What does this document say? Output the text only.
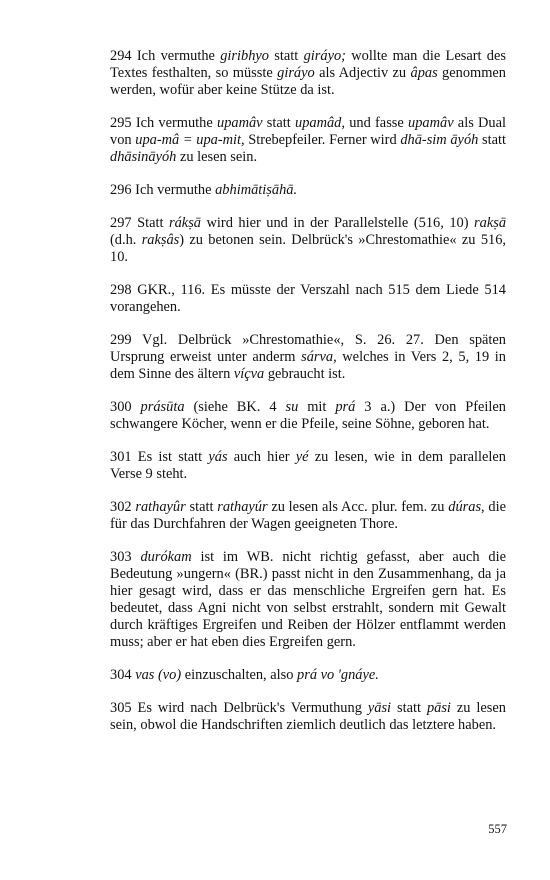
294 Ich vermuthe giribhyo statt giráyo; wollte man die Lesart des Textes festhalten, so müsste giráyo als Adjectiv zu âpas genommen werden, wofür aber keine Stütze da ist.

295 Ich vermuthe upamâv statt upamâd, und fasse upamâv als Dual von upa-mâ = upa-mit, Strebepfeiler. Ferner wird dhā-sim āyóh statt dhāsināyóh zu lesen sein.

296 Ich vermuthe abhimātiṣāhā.

297 Statt rákṣā wird hier und in der Parallelstelle (516, 10) rakṣā (d.h. rakṣâs) zu betonen sein. Delbrück's »Chrestomathie« zu 516, 10.

298 GKR., 116. Es müsste der Verszahl nach 515 dem Liede 514 vorangehen.

299 Vgl. Delbrück »Chrestomathie«, S. 26. 27. Den späten Ursprung erweist unter anderm sárva, welches in Vers 2, 5, 19 in dem Sinne des ältern víçva gebraucht ist.

300 prásūta (siehe BK. 4 su mit prá 3 a.) Der von Pfeilen schwangere Köcher, wenn er die Pfeile, seine Söhne, geboren hat.

301 Es ist statt yás auch hier yé zu lesen, wie in dem parallelen Verse 9 steht.

302 rathayûr statt rathayúr zu lesen als Acc. plur. fem. zu dúras, die für das Durchfahren der Wagen geeigneten Thore.

303 durókam ist im WB. nicht richtig gefasst, aber auch die Bedeutung »ungern« (BR.) passt nicht in den Zusammenhang, da ja hier gesagt wird, dass er das menschliche Ergreifen gern hat. Es bedeutet, dass Agni nicht von selbst erstrahlt, sondern mit Gewalt durch kräftiges Ergreifen und Reiben der Hölzer entflammt werden muss; aber er hat eben dies Ergreifen gern.

304 vas (vo) einzuschalten, also prá vo 'gnáye.

305 Es wird nach Delbrück's Vermuthung yāsi statt pāsi zu lesen sein, obwol die Handschriften ziemlich deutlich das letztere haben.

557
